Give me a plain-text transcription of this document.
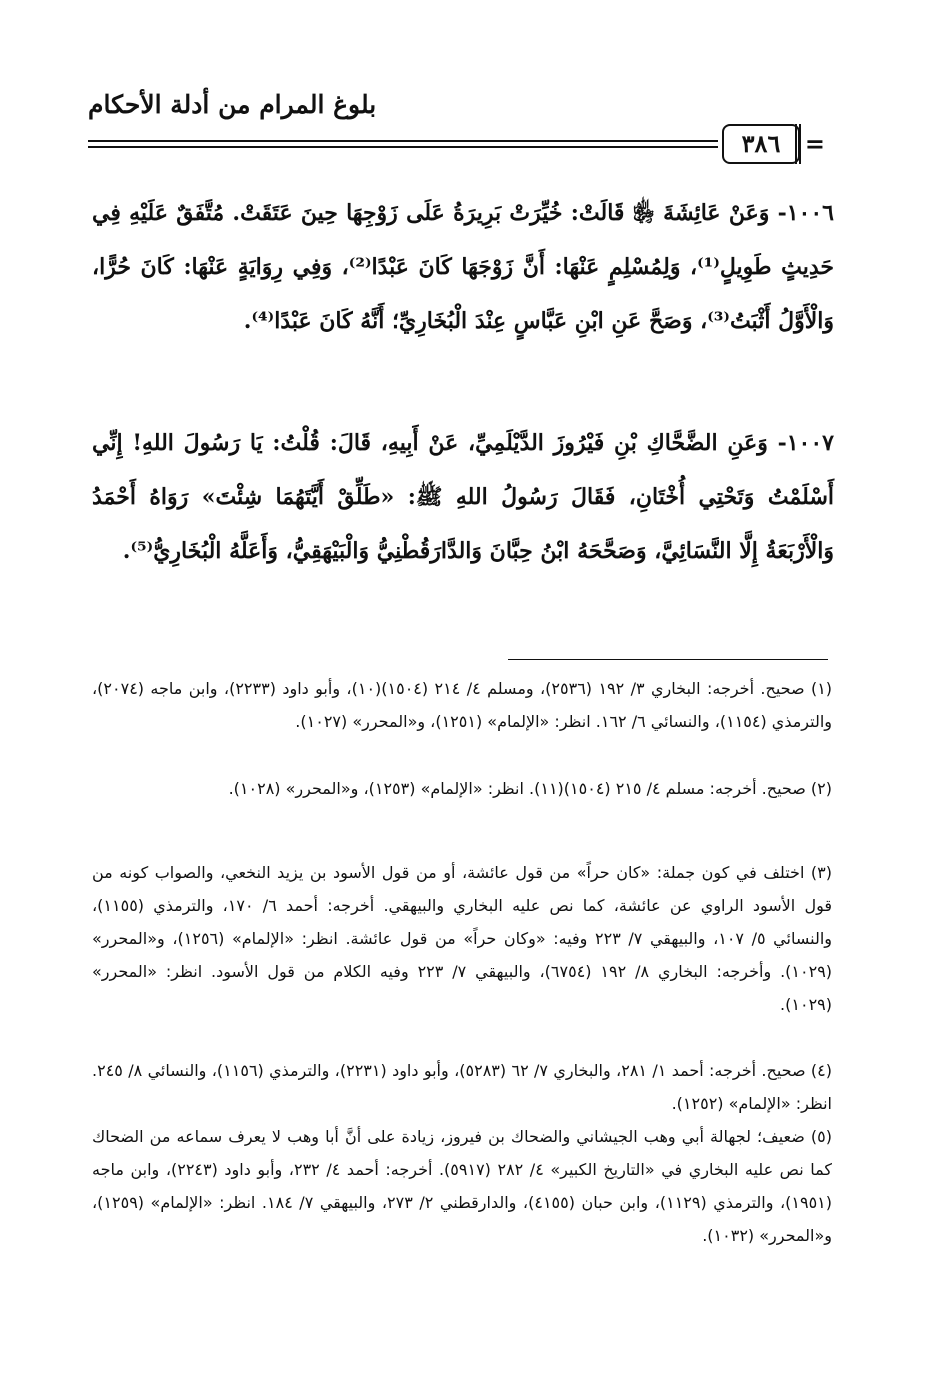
بلوغ المرام من أدلة الأحكام
٣٨٦	=
١٠٠٦- وَعَنْ عَائِشَةَ ﵂ قَالَتْ: خُيِّرَتْ بَرِيرَةُ عَلَى زَوْجِهَا حِينَ عَتَقَتْ. مُتَّفَقٌ عَلَيْهِ فِي حَدِيثٍ طَوِيلٍ⁽¹⁾، وَلِمُسْلِمٍ عَنْهَا: أَنَّ زَوْجَهَا كَانَ عَبْدًا⁽²⁾، وَفِي رِوَايَةٍ عَنْهَا: كَانَ حُرًّا، وَالْأَوَّلُ أَثْبَتُ⁽³⁾، وَصَحَّ عَنِ ابْنِ عَبَّاسٍ عِنْدَ الْبُخَارِيِّ؛ أَنَّهُ كَانَ عَبْدًا⁽⁴⁾.
١٠٠٧- وَعَنِ الضَّحَّاكِ بْنِ فَيْرُوزَ الدَّيْلَمِيِّ، عَنْ أَبِيهِ، قَالَ: قُلْتُ: يَا رَسُولَ اللهِ! إِنِّي أَسْلَمْتُ وَتَحْتِي أُخْتَانِ، فَقَالَ رَسُولُ اللهِ ﷺ: «طَلِّقْ أَيَّتَهُمَا شِئْتَ» رَوَاهُ أَحْمَدُ وَالْأَرْبَعَةُ إِلَّا النَّسَائِيَّ، وَصَحَّحَهُ ابْنُ حِبَّانَ وَالدَّارَقُطْنِيُّ وَالْبَيْهَقِيُّ، وَأَعَلَّهُ الْبُخَارِيُّ⁽⁵⁾.
(١) صحيح. أخرجه: البخاري ٣/ ١٩٢ (٢٥٣٦)، ومسلم ٤/ ٢١٤ (١٥٠٤)(١٠)، وأبو داود (٢٢٣٣)، وابن ماجه (٢٠٧٤)، والترمذي (١١٥٤)، والنسائي ٦/ ١٦٢. انظر: «الإلمام» (١٢٥١)، و«المحرر» (١٠٢٧).
(٢) صحيح. أخرجه: مسلم ٤/ ٢١٥ (١٥٠٤)(١١). انظر: «الإلمام» (١٢٥٣)، و«المحرر» (١٠٢٨).
(٣) اختلف في كون جملة: «كان حراً» من قول عائشة، أو من قول الأسود بن يزيد النخعي، والصواب كونه من قول الأسود الراوي عن عائشة، كما نص عليه البخاري والبيهقي. أخرجه: أحمد ٦/ ١٧٠، والترمذي (١١٥٥)، والنسائي ٥/ ١٠٧، والبيهقي ٧/ ٢٢٣ وفيه: «وكان حراً» من قول عائشة. انظر: «الإلمام» (١٢٥٦)، و«المحرر» (١٠٢٩). وأخرجه: البخاري ٨/ ١٩٢ (٦٧٥٤)، والبيهقي ٧/ ٢٢٣ وفيه الكلام من قول الأسود. انظر: «المحرر» (١٠٢٩).
(٤) صحيح. أخرجه: أحمد ١/ ٢٨١، والبخاري ٧/ ٦٢ (٥٢٨٣)، وأبو داود (٢٢٣١)، والترمذي (١١٥٦)، والنسائي ٨/ ٢٤٥. انظر: «الإلمام» (١٢٥٢).
(٥) ضعيف؛ لجهالة أبي وهب الجيشاني والضحاك بن فيروز، زيادة على أنَّ أبا وهب لا يعرف سماعه من الضحاك كما نص عليه البخاري في «التاريخ الكبير» ٤/ ٢٨٢ (٥٩١٧). أخرجه: أحمد ٤/ ٢٣٢، وأبو داود (٢٢٤٣)، وابن ماجه (١٩٥١)، والترمذي (١١٢٩)، وابن حبان (٤١٥٥)، والدارقطني ٢/ ٢٧٣، والبيهقي ٧/ ١٨٤. انظر: «الإلمام» (١٢٥٩)، و«المحرر» (١٠٣٢).
